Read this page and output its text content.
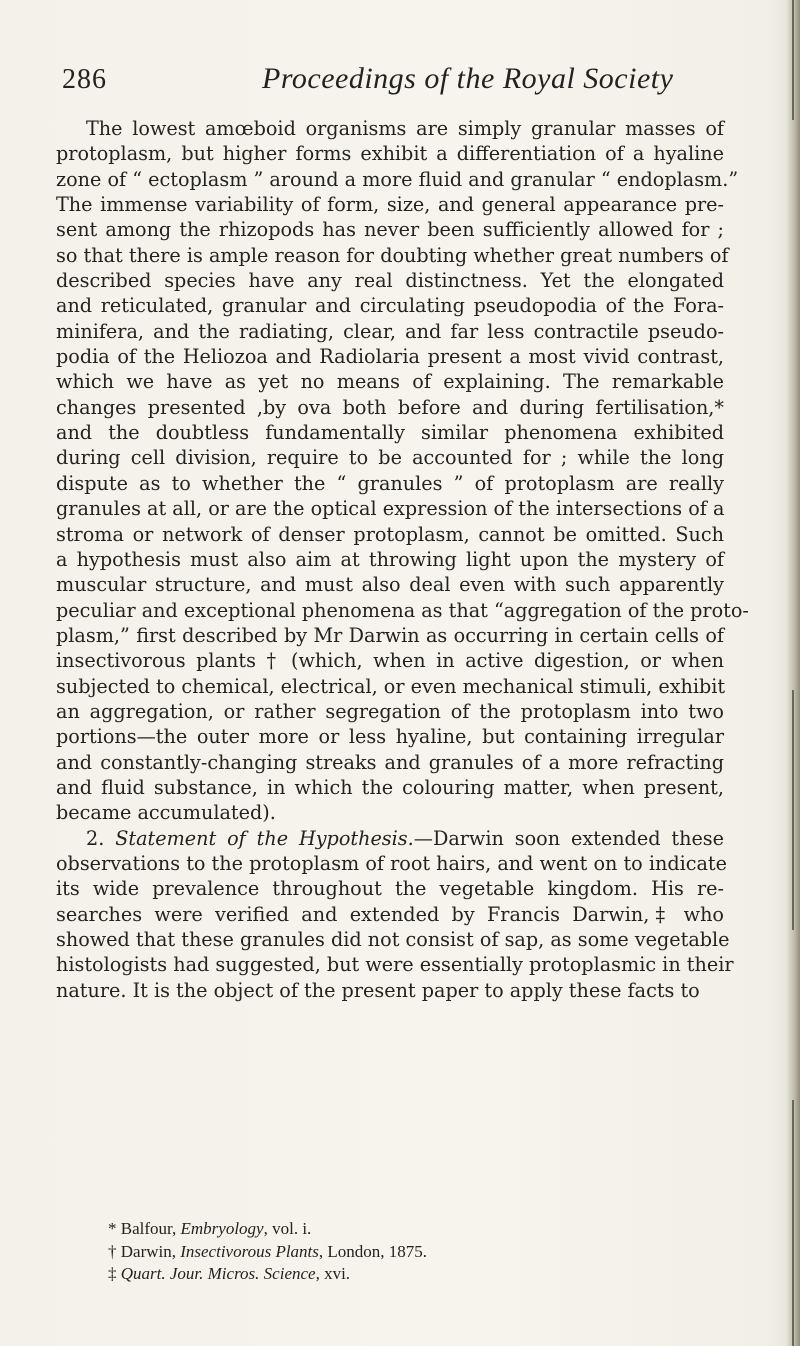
286	Proceedings of the Royal Society
The lowest amœboid organisms are simply granular masses of
protoplasm, but higher forms exhibit a differentiation of a hyaline
zone of “ ectoplasm ” around a more fluid and granular “ endoplasm.”
The immense variability of form, size, and general appearance pre-
sent among the rhizopods has never been sufficiently allowed for ;
so that there is ample reason for doubting whether great numbers of
described species have any real distinctness. Yet the elongated
and reticulated, granular and circulating pseudopodia of the Fora-
minifera, and the radiating, clear, and far less contractile pseudo-
podia of the Heliozoa and Radiolaria present a most vivid contrast,
which we have as yet no means of explaining. The remarkable
changes presented ,by ova both before and during fertilisation,*
and the doubtless fundamentally similar phenomena exhibited
during cell division, require to be accounted for ; while the long
dispute as to whether the “ granules ” of protoplasm are really
granules at all, or are the optical expression of the intersections of a
stroma or network of denser protoplasm, cannot be omitted. Such
a hypothesis must also aim at throwing light upon the mystery of
muscular structure, and must also deal even with such apparently
peculiar and exceptional phenomena as that “aggregation of the proto-
plasm,” first described by Mr Darwin as occurring in certain cells of
insectivorous plants † (which, when in active digestion, or when
subjected to chemical, electrical, or even mechanical stimuli, exhibit
an aggregation, or rather segregation of the protoplasm into two
portions—the outer more or less hyaline, but containing irregular
and constantly-changing streaks and granules of a more refracting
and fluid substance, in which the colouring matter, when present,
became accumulated).
2. Statement of the Hypothesis.—Darwin soon extended these
observations to the protoplasm of root hairs, and went on to indicate
its wide prevalence throughout the vegetable kingdom. His re-
searches were verified and extended by Francis Darwin,‡ who
showed that these granules did not consist of sap, as some vegetable
histologists had suggested, but were essentially protoplasmic in their
nature. It is the object of the present paper to apply these facts to
* Balfour, Embryology, vol. i.
† Darwin, Insectivorous Plants, London, 1875.
‡ Quart. Jour. Micros. Science, xvi.
